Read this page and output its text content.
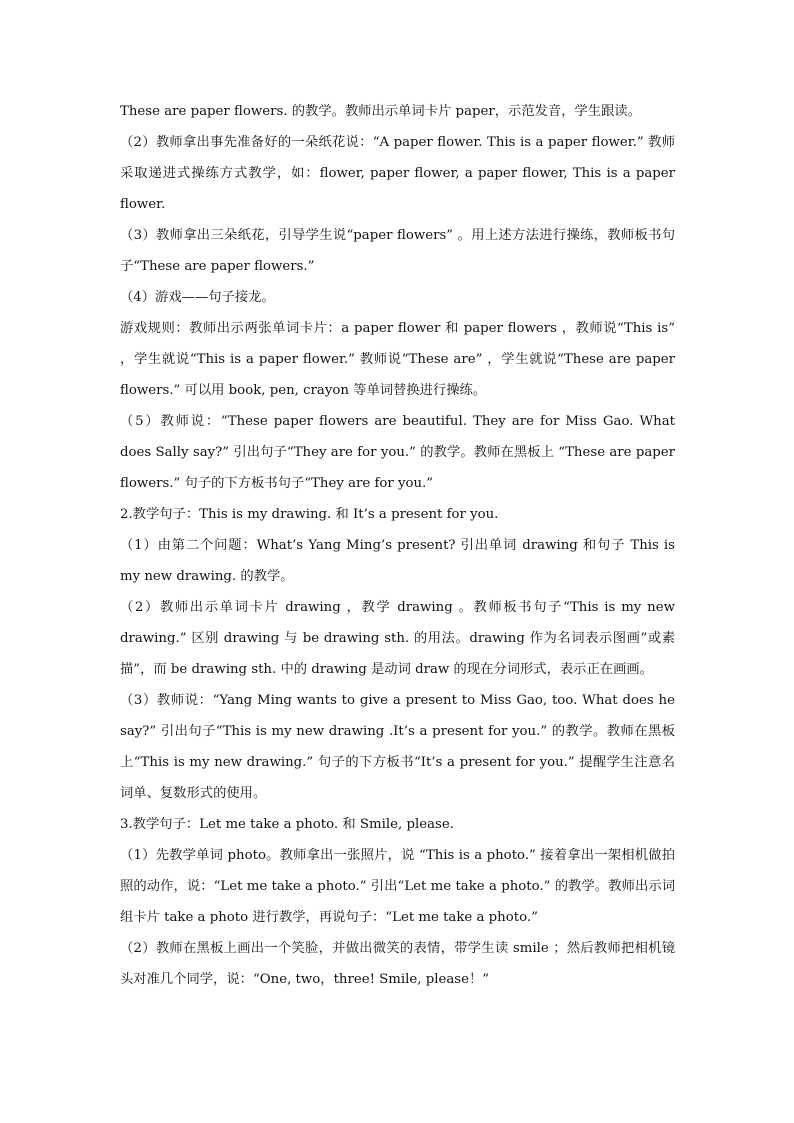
These are paper flowers. 的教学。教师出示单词卡片 paper，示范发音，学生跟读。

（2）教师拿出事先准备好的一朵纸花说：“A paper flower. This is a paper flower.” 教师采取递进式操练方式教学，如：flower, paper flower, a paper flower, This is a paper flower.

（3）教师拿出三朵纸花，引导学生说“paper flowers” 。用上述方法进行操练，教师板书句子“These are paper flowers.”

（4）游戏——句子接龙。

游戏规则：教师出示两张单词卡片：a paper flower 和 paper flowers ，教师说“This is” ，学生就说“This is a paper flower.” 教师说“These are” ，学生就说“These are paper flowers.” 可以用 book, pen, crayon 等单词替换进行操练。

（5）教师说：“These paper flowers are beautiful. They are for Miss Gao. What does Sally say?” 引出句子“They are for you.” 的教学。教师在黑板上 “These are paper flowers.” 句子的下方板书句子“They are for you.”

2.教学句子：This is my drawing. 和 It’s a present for you.

（1）由第二个问题：What’s Yang Ming’s present? 引出单词 drawing 和句子 This is my new drawing. 的教学。

（2）教师出示单词卡片 drawing ，教学 drawing 。教师板书句子“This is my new drawing.” 区别 drawing 与 be drawing sth. 的用法。drawing 作为名词表示图画”或素描”，而 be drawing sth. 中的 drawing 是动词 draw 的现在分词形式，表示正在画画。

（3）教师说：“Yang Ming wants to give a present to Miss Gao, too. What does he say?” 引出句子“This is my new drawing .It’s a present for you.” 的教学。教师在黑板上“This is my new drawing.” 句子的下方板书“It’s a present for you.” 提醒学生注意名词单、复数形式的使用。

3.教学句子：Let me take a photo. 和 Smile, please.

（1）先教学单词 photo。教师拿出一张照片，说 “This is a photo.” 接着拿出一架相机做拍照的动作，说：“Let me take a photo.” 引出“Let me take a photo.” 的教学。教师出示词组卡片 take a photo 进行教学，再说句子：“Let me take a photo.”

（2）教师在黑板上画出一个笑脸，并做出微笑的表情，带学生读 smile ；然后教师把相机镜头对准几个同学，说：“One, two，three! Smile, please！”
